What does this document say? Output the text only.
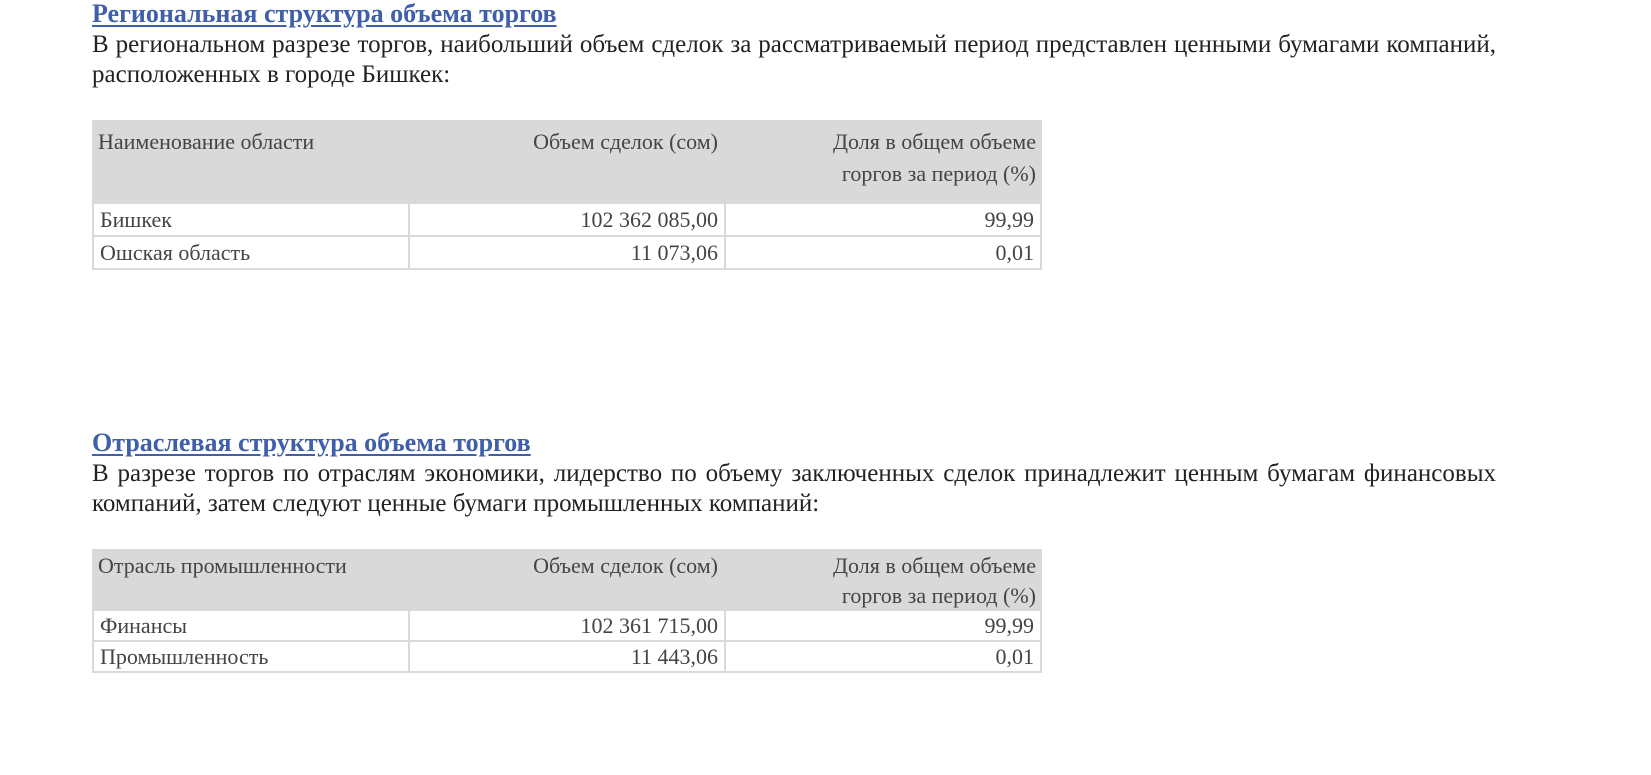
Региональная структура объема торгов

В региональном разрезе торгов, наибольший объем сделок за рассматриваемый период представлен ценными бумагами компаний, расположенных в городе Бишкек:

Наименование области	Объем сделок (сом)	Доля в общем объеме
горгов за период (%)
Бишкек	102 362 085,00	99,99
Ошская область	11 073,06	0,01
Отраслевая структура объема торгов

В разрезе торгов по отраслям экономики, лидерство по объему заключенных сделок принадлежит ценным бумагам финансовых компаний, затем следуют ценные бумаги промышленных компаний:

Отрасль промышленности	Объем сделок (сом)	Доля в общем объеме
горгов за период (%)
Финансы	102 361 715,00	99,99
Промышленность	11 443,06	0,01
